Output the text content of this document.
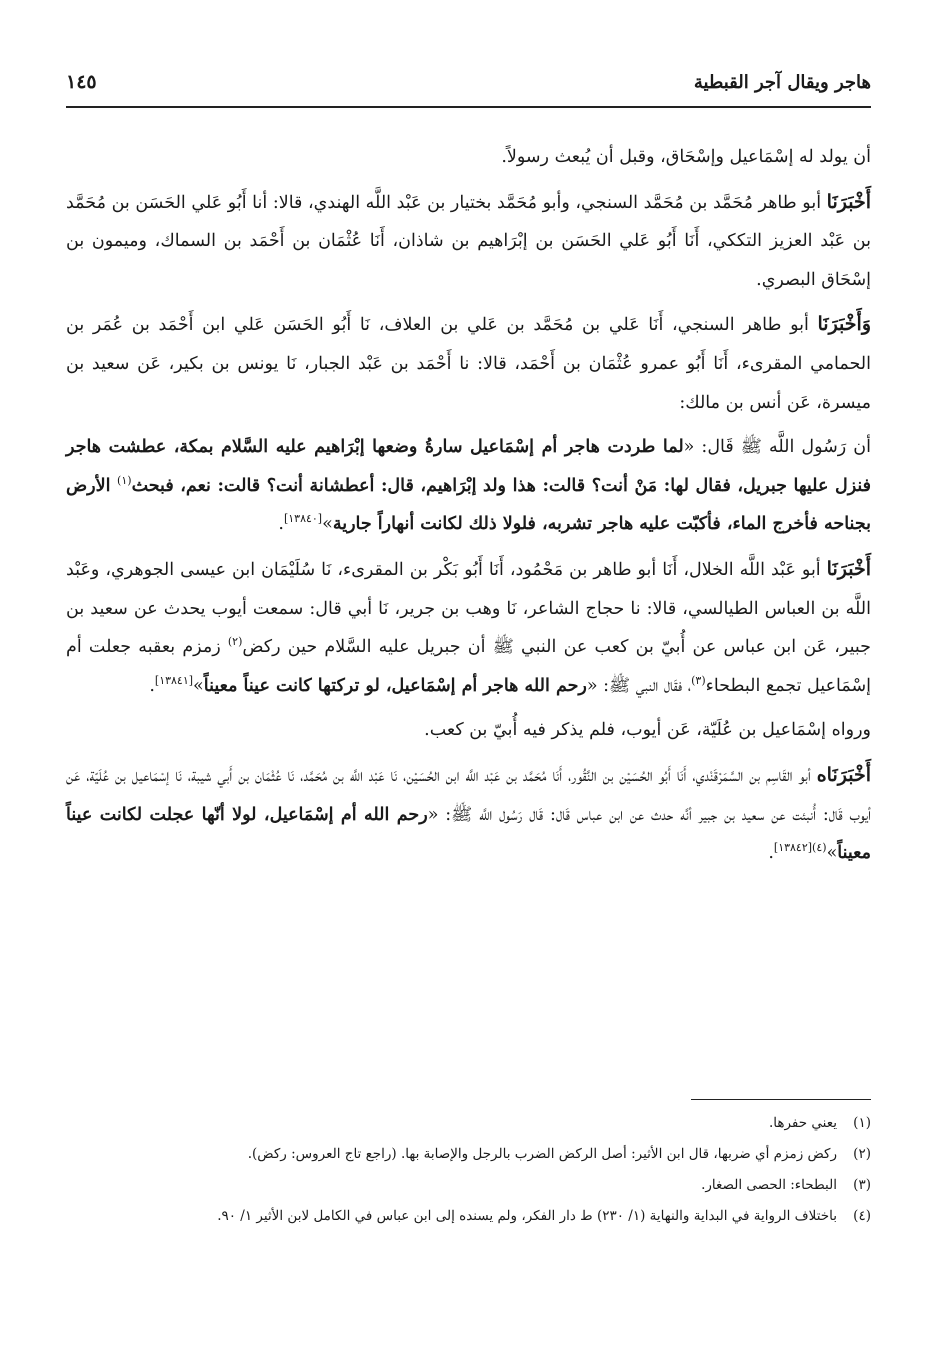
هاجر ويقال آجر القبطية
١٤٥

أن يولد له إسْمَاعيل وإسْحَاق، وقبل أن يُبعث رسولاً.

أَخْبَرَنَا أبو طاهر مُحَمَّد بن مُحَمَّد السنجي، وأبو مُحَمَّد بختيار بن عَبْد اللَّه الهندي، قالا: أنا أَبُو عَلي الحَسَن بن مُحَمَّد بن عَبْد العزيز التككي، أَنَا أَبُو عَلي الحَسَن بن إبْرَاهيم بن شاذان، أَنَا عُثْمَان بن أَحْمَد بن السماك، وميمون بن إسْحَاق البصري.

وَأَخْبَرَنَا أبو طاهر السنجي، أَنَا عَلي بن مُحَمَّد بن عَلي بن العلاف، نَا أَبُو الحَسَن عَلي ابن أَحْمَد بن عُمَر بن الحمامي المقرىء، أَنَا أَبُو عمرو عُثْمَان بن أَحْمَد، قالا: نا أَحْمَد بن عَبْد الجبار، نَا يونس بن بكير، عَن سعيد بن ميسرة، عَن أنس بن مالك:

أن رَسُول اللَّه ﷺ قَال: «لما طردت هاجر أم إسْمَاعيل سارةُ وضعها إبْرَاهيم عليه السَّلام بمكة، عطشت هاجر فنزل عليها جبريل، فقال لها: مَنْ أنت؟ قالت: هذا ولد إبْرَاهيم، قال: أعطشانة أنت؟ قالت: نعم، فبحث$^{(١)}$ الأرض بجناحه فأخرج الماء، فأكبّت عليه هاجر تشربه، فلولا ذلك لكانت أنهاراً جارية»[١٣٨٤٠].

أَخْبَرَنَا أبو عَبْد اللَّه الخلال، أَنَا أبو طاهر بن مَحْمُود، أَنَا أَبُو بَكْر بن المقرىء، نَا سُلَيْمَان ابن عيسى الجوهري، وعَبْد اللَّه بن العباس الطيالسي، قالا: نا حجاج الشاعر، نَا وهب بن جرير، نَا أبي قال: سمعت أيوب يحدث عن سعيد بن جبير، عَن ابن عباس عن أُبيّ بن كعب عن النبي ﷺ أن جبريل عليه السَّلام حين ركض$^{(٢)}$ زمزم بعقبه جعلت أم إسْمَاعيل تجمع البطحاء$^{(٣)}$، فقَال النبي ﷺ: «رحم الله هاجر أم إسْمَاعيل، لو تركتها كانت عيناً معيناً»[١٣٨٤١].

ورواه إسْمَاعيل بن عُلَيّة، عَن أيوب، فلم يذكر فيه أُبيّ بن كعب.

أَخْبَرَنَاه أبو القَاسِم بن السَّمَرْقَنْدي، أَنَا أَبُو الحُسَيْن بن النَّقُور، أَنَا مُحَمَّد بن عَبْد اللَّه ابن الحُسَيْن، نَا عَبْد اللَّه بن مُحَمَّد، نَا عُثْمَان بن أَبي شيبة، نَا إسْمَاعيل بن عُلَيّة، عَن أيوب قَال: أُنبئت عن سعيد بن جبير أنَّه حدث عن ابن عباس قَال: قَال رَسُول اللَّه ﷺ: «رحم الله أم إسْمَاعيل، لولا أنّها عجلت لكانت عيناً معيناً»$^{(٤)[١٣٨٤٢]}$.

(١)يعني حفرها.

(٢)ركض زمزم أي ضربها، قال ابن الأثير: أصل الركض الضرب بالرجل والإصابة بها. (راجع تاج العروس: ركض).

(٣)البطحاء: الحصى الصغار.

(٤)باختلاف الرواية في البداية والنهاية (١/ ٢٣٠) ط دار الفكر، ولم يسنده إلى ابن عباس في الكامل لابن الأثير ١/ ٩٠.
